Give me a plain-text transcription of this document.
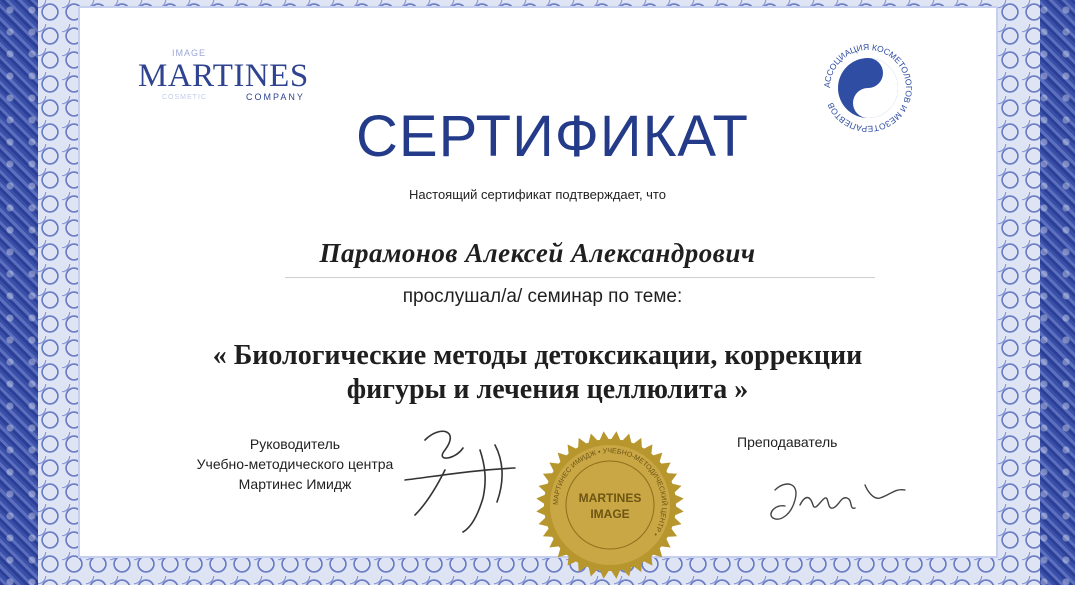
IMAGE
MARTINES
COSMETIC	COMPANY
СЕРТИФИКАТ
АССОЦИАЦИЯ КОСМЕТОЛОГОВ И МЕЗОТЕРАПЕВТОВ
Настоящий сертификат подтверждает, что
Парамонов Алексей Александрович
прослушал/а/ семинар по теме:
« Биологические методы детоксикации, коррекции
фигуры и лечения целлюлита »
Руководитель
Учебно-методического центра
Мартинес Имидж
МАРТИНЕС ИМИДЖ • УЧЕБНО-МЕТОДИЧЕСКИЙ ЦЕНТР •
MARTINES
IMAGE
Преподаватель
